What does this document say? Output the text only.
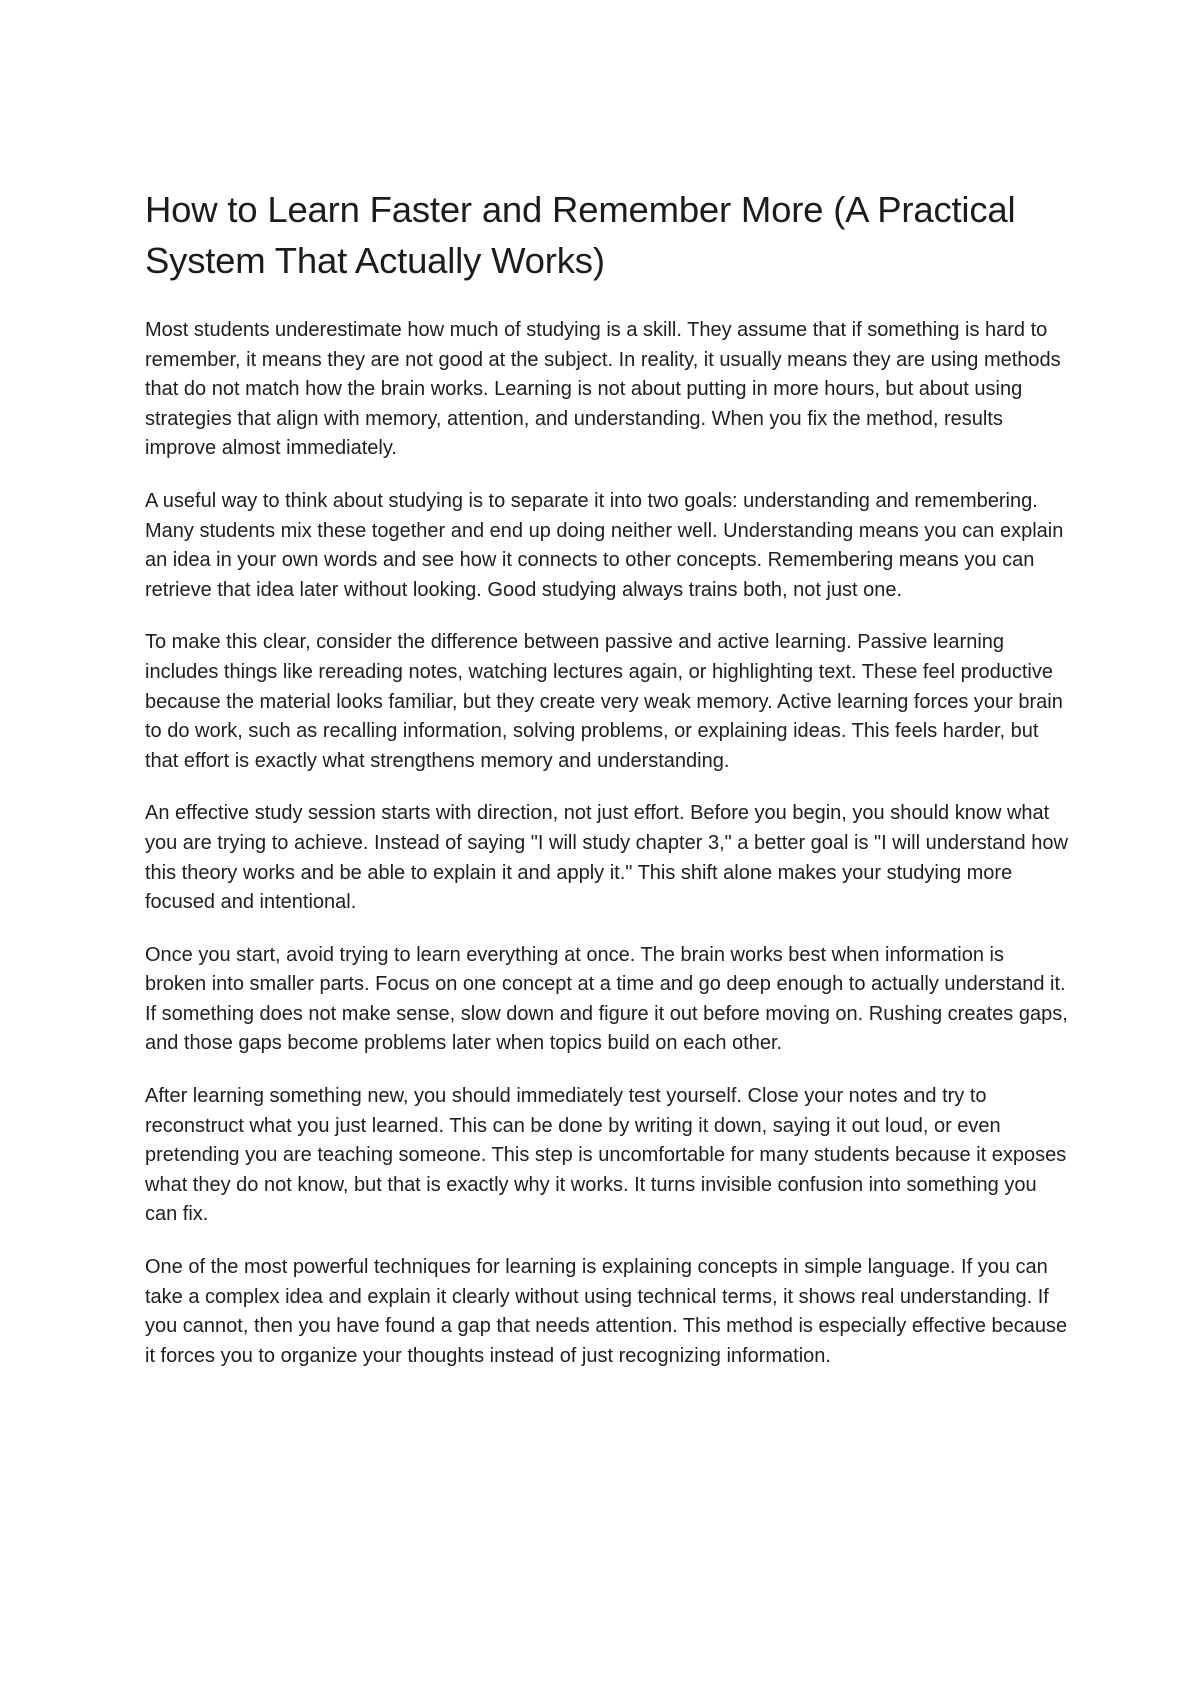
How to Learn Faster and Remember More (A Practical System That Actually Works)

Most students underestimate how much of studying is a skill. They assume that if something is hard to remember, it means they are not good at the subject. In reality, it usually means they are using methods that do not match how the brain works. Learning is not about putting in more hours, but about using strategies that align with memory, attention, and understanding. When you fix the method, results improve almost immediately.

A useful way to think about studying is to separate it into two goals: understanding and remembering. Many students mix these together and end up doing neither well. Understanding means you can explain an idea in your own words and see how it connects to other concepts. Remembering means you can retrieve that idea later without looking. Good studying always trains both, not just one.

To make this clear, consider the difference between passive and active learning. Passive learning includes things like rereading notes, watching lectures again, or highlighting text. These feel productive because the material looks familiar, but they create very weak memory. Active learning forces your brain to do work, such as recalling information, solving problems, or explaining ideas. This feels harder, but that effort is exactly what strengthens memory and understanding.

An effective study session starts with direction, not just effort. Before you begin, you should know what you are trying to achieve. Instead of saying "I will study chapter 3," a better goal is "I will understand how this theory works and be able to explain it and apply it." This shift alone makes your studying more focused and intentional.

Once you start, avoid trying to learn everything at once. The brain works best when information is broken into smaller parts. Focus on one concept at a time and go deep enough to actually understand it. If something does not make sense, slow down and figure it out before moving on. Rushing creates gaps, and those gaps become problems later when topics build on each other.

After learning something new, you should immediately test yourself. Close your notes and try to reconstruct what you just learned. This can be done by writing it down, saying it out loud, or even pretending you are teaching someone. This step is uncomfortable for many students because it exposes what they do not know, but that is exactly why it works. It turns invisible confusion into something you can fix.

One of the most powerful techniques for learning is explaining concepts in simple language. If you can take a complex idea and explain it clearly without using technical terms, it shows real understanding. If you cannot, then you have found a gap that needs attention. This method is especially effective because it forces you to organize your thoughts instead of just recognizing information.
